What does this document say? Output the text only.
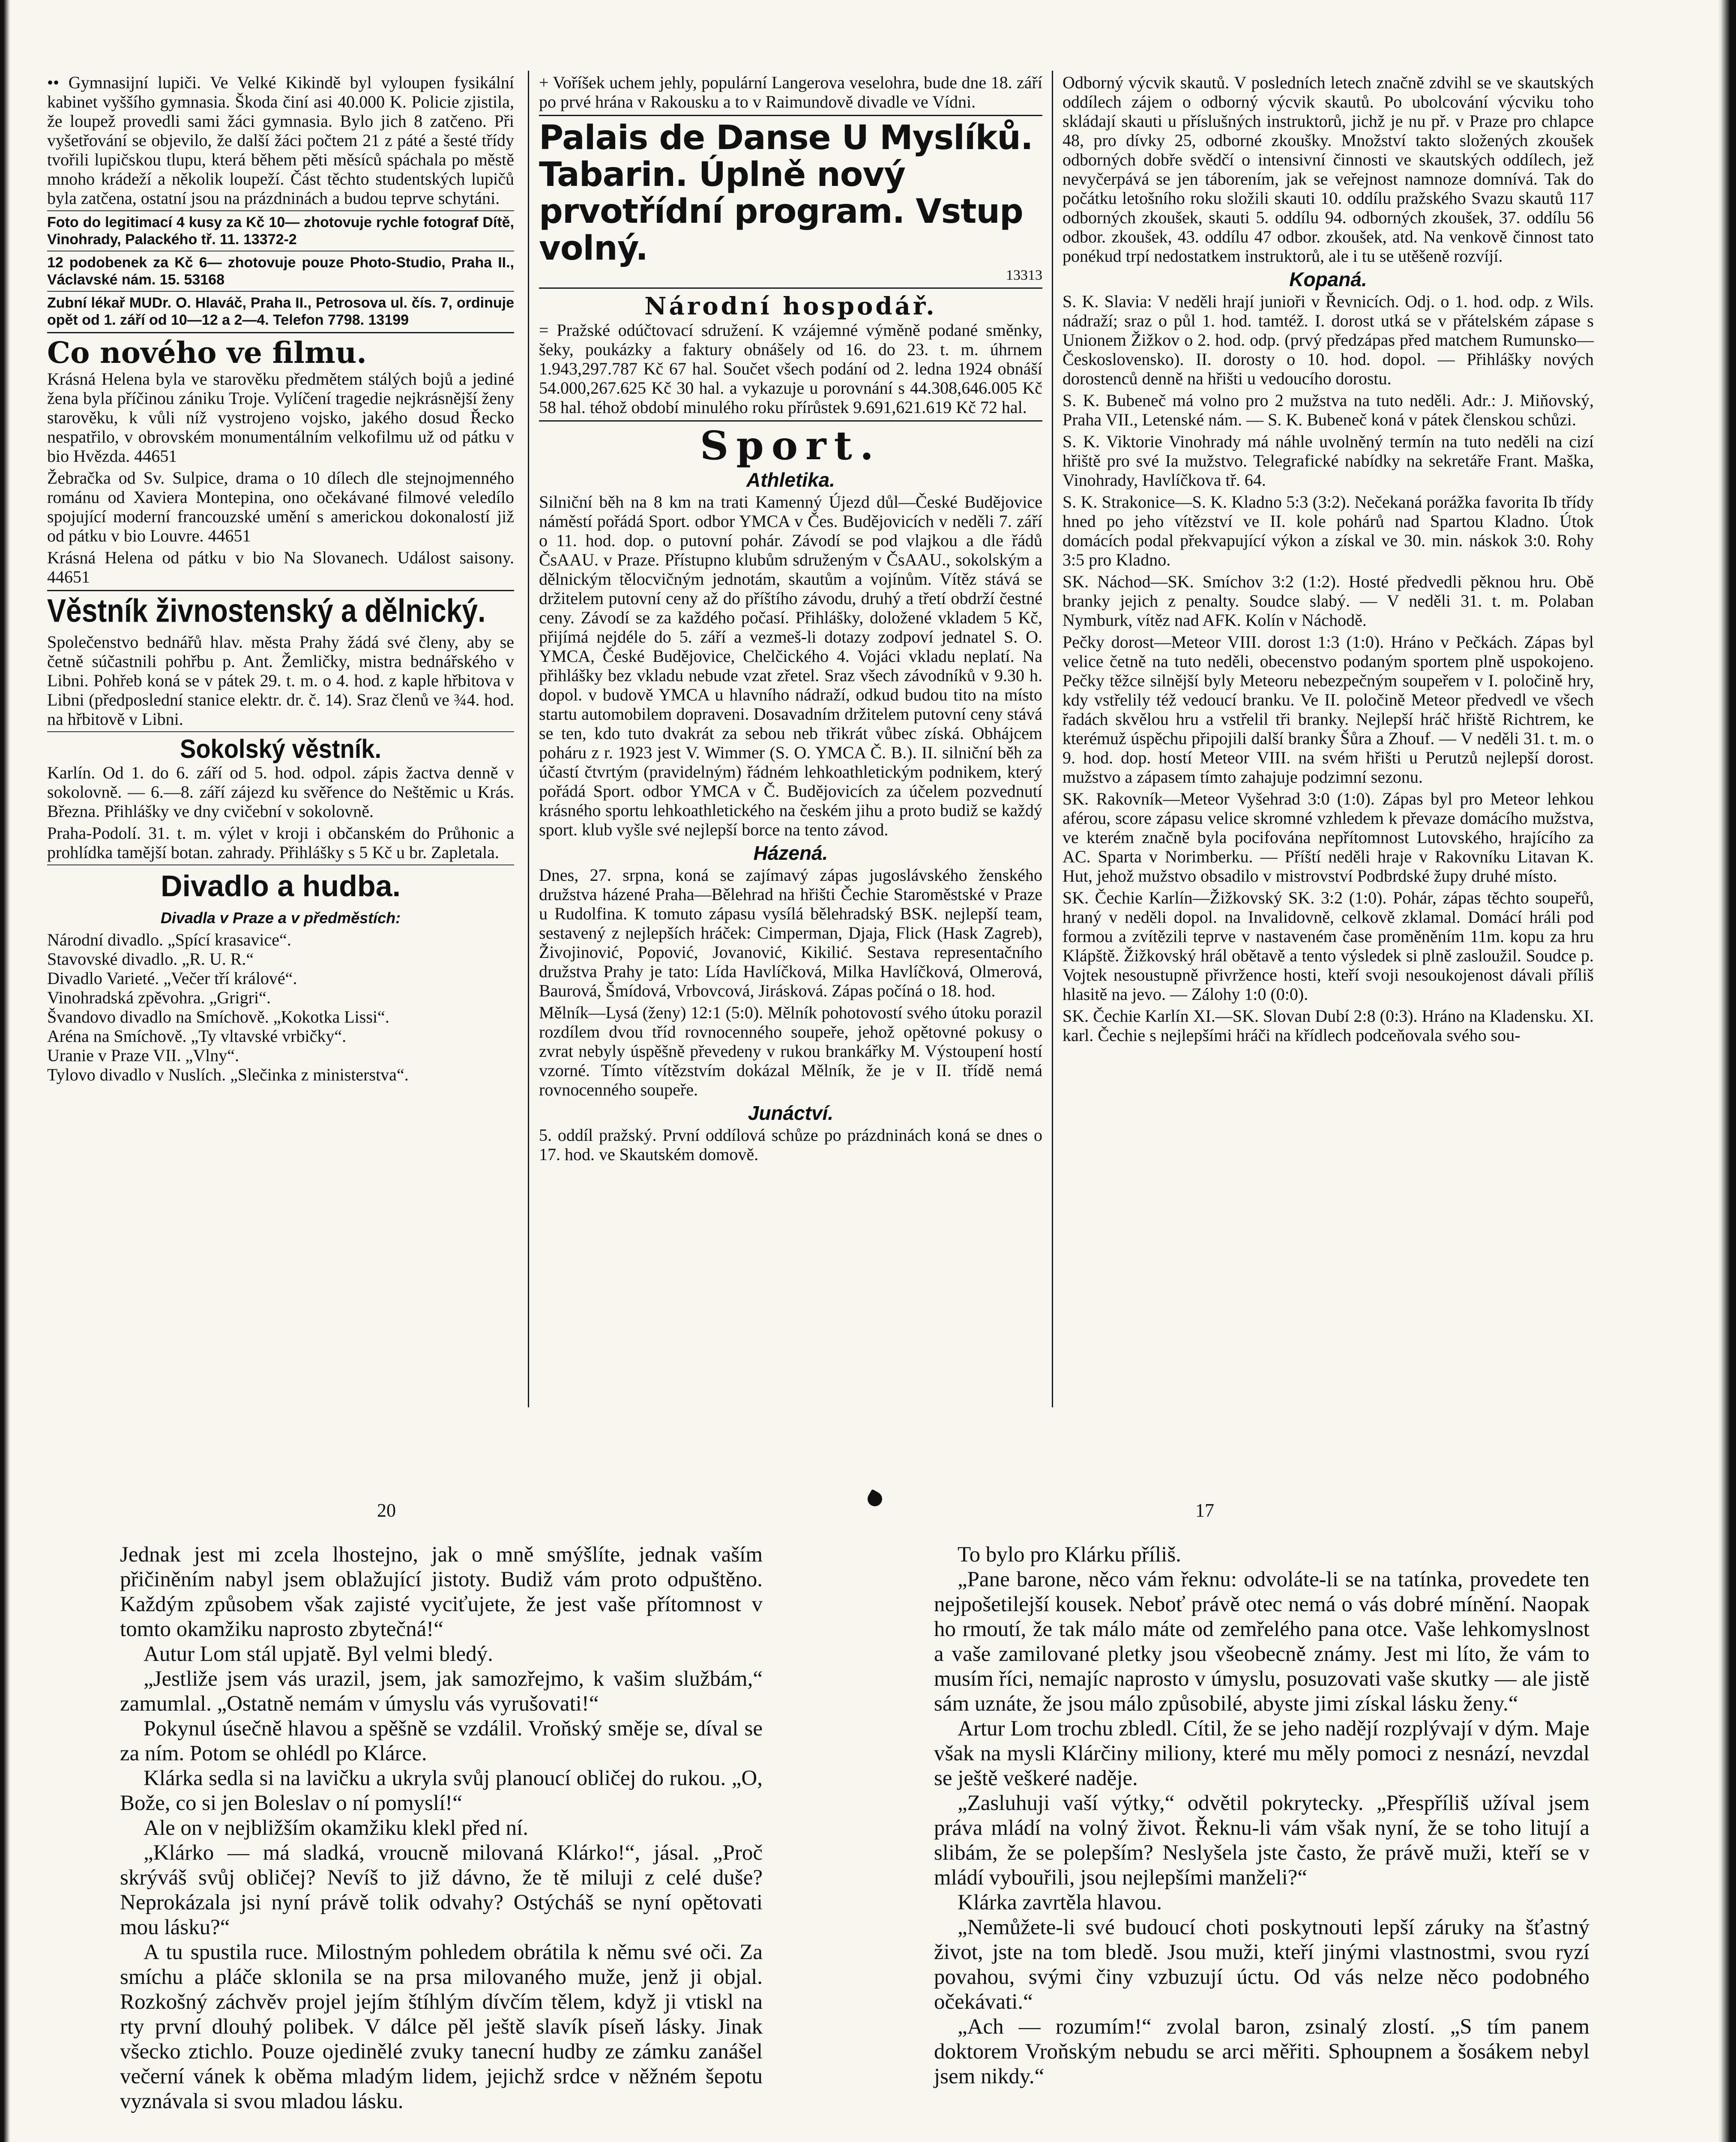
•• Gymnasijní lupiči. Ve Velké Kikindě byl vyloupen fysikální kabinet vyššího gymnasia. Škoda činí asi 40.000 K. Policie zjistila, že loupež provedli sami žáci gymnasia. Bylo jich 8 zatčeno. Při vyšetřování se objevilo, že další žáci počtem 21 z páté a šesté třídy tvořili lupičskou tlupu, která během pěti měsíců spáchala po městě mnoho krádeží a několik loupeží. Část těchto studentských lupičů byla zatčena, ostatní jsou na prázdninách a budou teprve schytáni.

Foto do legitimací 4 kusy za Kč 10— zhotovuje rychle fotograf Dítě, Vinohrady, Palackého tř. 11. 13372-2

12 podobenek za Kč 6— zhotovuje pouze Photo-Studio, Praha II., Václavské nám. 15. 53168

Zubní lékař MUDr. O. Hlaváč, Praha II., Petrosova ul. čís. 7, ordinuje opět od 1. září od 10—12 a 2—4. Telefon 7798. 13199

Co nového ve filmu.

Krásná Helena byla ve starověku předmětem stálých bojů a jediné žena byla příčinou zániku Troje. Vylíčení tragedie nejkrásnější ženy starověku, k vůli níž vystrojeno vojsko, jakého dosud Řecko nespatřilo, v obrovském monumentálním velkofilmu už od pátku v bio Hvězda. 44651

Žebračka od Sv. Sulpice, drama o 10 dílech dle stejnojmenného románu od Xaviera Montepina, ono očekávané filmové veledílo spojující moderní francouzské umění s americkou dokonalostí již od pátku v bio Louvre. 44651

Krásná Helena od pátku v bio Na Slovanech. Událost saisony. 44651

Věstník živnostenský a dělnický.

Společenstvo bednářů hlav. města Prahy žádá své členy, aby se četně súčastnili pohřbu p. Ant. Žemličky, mistra bednářského v Libni. Pohřeb koná se v pátek 29. t. m. o 4. hod. z kaple hřbitova v Libni (předposlední stanice elektr. dr. č. 14). Sraz členů ve ¾4. hod. na hřbitově v Libni.

Sokolský věstník.

Karlín. Od 1. do 6. září od 5. hod. odpol. zápis žactva denně v sokolovně. — 6.—8. září zájezd ku svěřence do Neštěmic u Krás. Března. Přihlášky ve dny cvičební v sokolovně.

Praha-Podolí. 31. t. m. výlet v kroji i občanském do Průhonic a prohlídka tamější botan. zahrady. Přihlášky s 5 Kč u br. Zapletala.

Divadlo a hudba.
Divadla v Praze a v předměstích:
Národní divadlo. „Spící krasavice“.
Stavovské divadlo. „R. U. R.“
Divadlo Varieté. „Večer tří králové“.
Vinohradská zpěvohra. „Grigri“.
Švandovo divadlo na Smíchově. „Kokotka Lissi“.
Aréna na Smíchově. „Ty vltavské vrbičky“.
Uranie v Praze VII. „Vlny“.
Tylovo divadlo v Nuslích. „Slečinka z ministerstva“.

+ Voříšek uchem jehly, populární Langerova veselohra, bude dne 18. září po prvé hrána v Rakousku a to v Raimundově divadle ve Vídni.

Palais de Danse U Myslíků. Tabarin. Úplně nový prvotřídní program. Vstup volný.
13313
Národní hospodář.

= Pražské odúčtovací sdružení. K vzájemné výměně podané směnky, šeky, poukázky a faktury obnášely od 16. do 23. t. m. úhrnem 1.943,297.787 Kč 67 hal. Součet všech podání od 2. ledna 1924 obnáší 54.000,267.625 Kč 30 hal. a vykazuje u porovnání s 44.308,646.005 Kč 58 hal. téhož období minulého roku přírůstek 9.691,621.619 Kč 72 hal.

Sport.
Athletika.

Silniční běh na 8 km na trati Kamenný Újezd důl—České Budějovice náměstí pořádá Sport. odbor YMCA v Čes. Budějovicích v neděli 7. září o 11. hod. dop. o putovní pohár. Závodí se pod vlajkou a dle řádů ČsAAU. v Praze. Přístupno klubům sdruženým v ČsAAU., sokolským a dělnickým tělocvičným jednotám, skautům a vojínům. Vítěz stává se držitelem putovní ceny až do příštího závodu, druhý a třetí obdrží čestné ceny. Závodí se za každého počasí. Přihlášky, doložené vkladem 5 Kč, přijímá nejdéle do 5. září a vezmeš-li dotazy zodpoví jednatel S. O. YMCA, České Budějovice, Chelčického 4. Vojáci vkladu neplatí. Na přihlášky bez vkladu nebude vzat zřetel. Sraz všech závodníků v 9.30 h. dopol. v budově YMCA u hlavního nádraží, odkud budou tito na místo startu automobilem dopraveni. Dosavadním držitelem putovní ceny stává se ten, kdo tuto dvakrát za sebou neb třikrát vůbec získá. Obhájcem poháru z r. 1923 jest V. Wimmer (S. O. YMCA Č. B.). II. silniční běh za účastí čtvrtým (pravidelným) řádném lehkoathletickým podnikem, který pořádá Sport. odbor YMCA v Č. Budějovicích za účelem pozvednutí krásného sportu lehkoathletického na českém jihu a proto budiž se každý sport. klub vyšle své nejlepší borce na tento závod.

Házená.

Dnes, 27. srpna, koná se zajímavý zápas jugoslávského ženského družstva házené Praha—Bělehrad na hřišti Čechie Staroměstské v Praze u Rudolfina. K tomuto zápasu vysílá bělehradský BSK. nejlepší team, sestavený z nejlepších hráček: Cimperman, Djaja, Flick (Hask Zagreb), Živojinović, Popović, Jovanović, Kikilić. Sestava representačního družstva Prahy je tato: Lída Havlíčková, Milka Havlíčková, Olmerová, Baurová, Šmídová, Vrbovcová, Jirásková. Zápas počíná o 18. hod.

Mělník—Lysá (ženy) 12:1 (5:0). Mělník pohotovostí svého útoku porazil rozdílem dvou tříd rovnocenného soupeře, jehož opětovné pokusy o zvrat nebyly úspěšně převedeny v rukou brankářky M. Výstoupení hostí vzorné. Tímto vítězstvím dokázal Mělník, že je v II. třídě nemá rovnocenného soupeře.

Junáctví.

5. oddíl pražský. První oddílová schůze po prázdninách koná se dnes o 17. hod. ve Skautském domově.

Odborný výcvik skautů. V posledních letech značně zdvihl se ve skautských oddílech zájem o odborný výcvik skautů. Po ubolcování výcviku toho skládají skauti u příslušných instruktorů, jichž je nu př. v Praze pro chlapce 48, pro dívky 25, odborné zkoušky. Množství takto složených zkoušek odborných dobře svědčí o intensivní činnosti ve skautských oddílech, jež nevyčerpává se jen táborením, jak se veřejnost namnoze domnívá. Tak do počátku letošního roku složili skauti 10. oddílu pražského Svazu skautů 117 odborných zkoušek, skauti 5. oddílu 94. odborných zkoušek, 37. oddílu 56 odbor. zkoušek, 43. oddílu 47 odbor. zkoušek, atd. Na venkově činnost tato ponékud trpí nedostatkem instruktorů, ale i tu se utěšeně rozvíjí.

Kopaná.

S. K. Slavia: V neděli hrají junioři v Řevnicích. Odj. o 1. hod. odp. z Wils. nádraží; sraz o půl 1. hod. tamtéž. I. dorost utká se v přátelském zápase s Unionem Žižkov o 2. hod. odp. (prvý předzápas před matchem Rumunsko—Československo). II. dorosty o 10. hod. dopol. — Přihlášky nových dorostenců denně na hřišti u vedoucího dorostu.

S. K. Bubeneč má volno pro 2 mužstva na tuto neděli. Adr.: J. Miňovský, Praha VII., Letenské nám. — S. K. Bubeneč koná v pátek členskou schůzi.

S. K. Viktorie Vinohrady má náhle uvolněný termín na tuto neděli na cizí hřiště pro své Ia mužstvo. Telegrafické nabídky na sekretáře Frant. Maška, Vinohrady, Havlíčkova tř. 64.

S. K. Strakonice—S. K. Kladno 5:3 (3:2). Nečekaná porážka favorita Ib třídy hned po jeho vítězství ve II. kole pohárů nad Spartou Kladno. Útok domácích podal překvapující výkon a získal ve 30. min. náskok 3:0. Rohy 3:5 pro Kladno.

SK. Náchod—SK. Smíchov 3:2 (1:2). Hosté předvedli pěknou hru. Obě branky jejich z penalty. Soudce slabý. — V neděli 31. t. m. Polaban Nymburk, vítěz nad AFK. Kolín v Náchodě.

Pečky dorost—Meteor VIII. dorost 1:3 (1:0). Hráno v Pečkách. Zápas byl velice četně na tuto neděli, obecenstvo podaným sportem plně uspokojeno. Pečky těžce silnější byly Meteoru nebezpečným soupeřem v I. poločině hry, kdy vstřelily též vedoucí branku. Ve II. poločině Meteor předvedl ve všech řadách skvělou hru a vstřelil tři branky. Nejlepší hráč hřiště Richtrem, ke kterémuž úspěchu připojili další branky Šůra a Zhouf. — V neděli 31. t. m. o 9. hod. dop. hostí Meteor VIII. na svém hřišti u Perutzů nejlepší dorost. mužstvo a zápasem tímto zahajuje podzimní sezonu.

SK. Rakovník—Meteor Vyšehrad 3:0 (1:0). Zápas byl pro Meteor lehkou aférou, score zápasu velice skromné vzhledem k převaze domácího mužstva, ve kterém značně byla pocifována nepřítomnost Lutovského, hrajícího za AC. Sparta v Norimberku. — Příští neděli hraje v Rakovníku Litavan K. Hut, jehož mužstvo obsadilo v mistrovství Podbrdské župy druhé místo.

SK. Čechie Karlín—Žižkovský SK. 3:2 (1:0). Pohár, zápas těchto soupeřů, hraný v neděli dopol. na Invalidovně, celkově zklamal. Domácí hráli pod formou a zvítězili teprve v nastaveném čase proměněním 11m. kopu za hru Klápště. Žižkovský hrál obětavě a tento výsledek si plně zasloužil. Soudce p. Vojtek nesoustupně přivržence hosti, kteří svoji nesoukojenost dávali příliš hlasitě na jevo. — Zálohy 1:0 (0:0).

SK. Čechie Karlín XI.—SK. Slovan Dubí 2:8 (0:3). Hráno na Kladensku. XI. karl. Čechie s nejlepšími hráči na křídlech podceňovala svého sou-

20	17

Jednak jest mi zcela lhostejno, jak o mně smýšlíte, jednak vaším přičiněním nabyl jsem oblažující jistoty. Budiž vám proto odpuštěno. Každým způsobem však zajisté vyciťujete, že jest vaše přítomnost v tomto okamžiku naprosto zbytečná!“

Autur Lom stál upjatě. Byl velmi bledý.

„Jestliže jsem vás urazil, jsem, jak samozřejmo, k vašim službám,“ zamumlal. „Ostatně nemám v úmyslu vás vyrušovati!“

Pokynul úsečně hlavou a spěšně se vzdálil. Vroňský směje se, díval se za ním. Potom se ohlédl po Klárce.

Klárka sedla si na lavičku a ukryla svůj planoucí obličej do rukou. „O, Bože, co si jen Boleslav o ní pomyslí!“

Ale on v nejbližším okamžiku klekl před ní.

„Klárko — má sladká, vroucně milovaná Klárko!“, jásal. „Proč skrýváš svůj obličej? Nevíš to již dávno, že tě miluji z celé duše? Neprokázala jsi nyní právě tolik odvahy? Ostýcháš se nyní opětovati mou lásku?“

A tu spustila ruce. Milostným pohledem obrátila k němu své oči. Za smíchu a pláče sklonila se na prsa milovaného muže, jenž ji objal. Rozkošný záchvěv projel jejím štíhlým dívčím tělem, když ji vtiskl na rty první dlouhý polibek. V dálce pěl ještě slavík píseň lásky. Jinak všecko ztichlo. Pouze ojedinělé zvuky tanecní hudby ze zámku zanášel večerní vánek k oběma mladým lidem, jejichž srdce v něžném šepotu vyznávala si svou mladou lásku.

To bylo pro Klárku příliš.

„Pane barone, něco vám řeknu: odvoláte-li se na tatínka, provedete ten nejpošetilejší kousek. Neboť právě otec nemá o vás dobré mínění. Naopak ho rmoutí, že tak málo máte od zemřelého pana otce. Vaše lehkomyslnost a vaše zamilované pletky jsou všeobecně známy. Jest mi líto, že vám to musím říci, nemajíc naprosto v úmyslu, posuzovati vaše skutky — ale jistě sám uznáte, že jsou málo způsobilé, abyste jimi získal lásku ženy.“

Artur Lom trochu zbledl. Cítil, že se jeho nadějí rozplývají v dým. Maje však na mysli Klárčiny miliony, které mu měly pomoci z nesnází, nevzdal se ještě veškeré naděje.

„Zasluhuji vaší výtky,“ odvětil pokrytecky. „Přespříliš užíval jsem práva mládí na volný život. Řeknu-li vám však nyní, že se toho litují a slibám, že se polepším? Neslyšela jste často, že právě muži, kteří se v mládí vybouřili, jsou nejlepšími manželi?“

Klárka zavrtěla hlavou.

„Nemůžete-li své budoucí choti poskytnouti lepší záruky na šťastný život, jste na tom bledě. Jsou muži, kteří jinými vlastnostmi, svou ryzí povahou, svými činy vzbuzují úctu. Od vás nelze něco podobného očekávati.“

„Ach — rozumím!“ zvolal baron, zsinalý zlostí. „S tím panem doktorem Vroňským nebudu se arci měřiti. Sphoupnem a šosákem nebyl jsem nikdy.“
